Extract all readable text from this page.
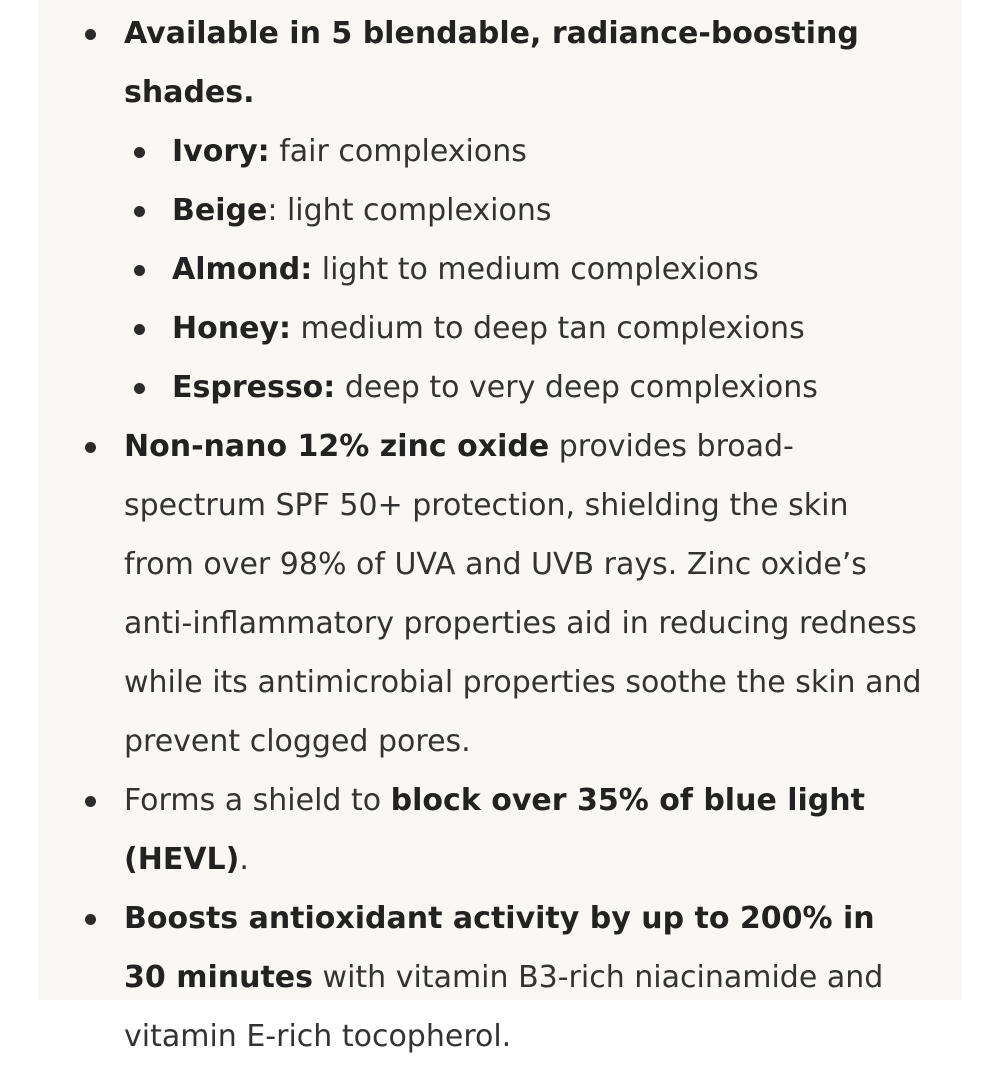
Available in 5 blendable, radiance-boosting shades.
Ivory: fair complexions
Beige: light complexions
Almond: light to medium complexions
Honey: medium to deep tan complexions
Espresso: deep to very deep complexions
Non-nano 12% zinc oxide provides broad-spectrum SPF 50+ protection, shielding the skin from over 98% of UVA and UVB rays. Zinc oxide’s anti-inflammatory properties aid in reducing redness while its antimicrobial properties soothe the skin and prevent clogged pores.
Forms a shield to block over 35% of blue light (HEVL).
Boosts antioxidant activity by up to 200% in 30 minutes with vitamin B3-rich niacinamide and vitamin E-rich tocopherol.
